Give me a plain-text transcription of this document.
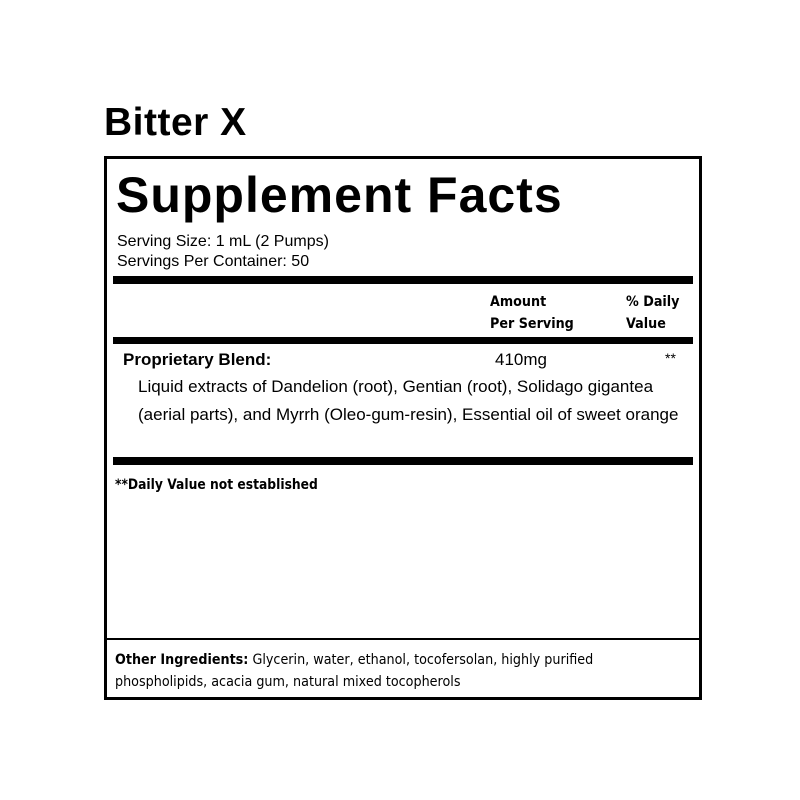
Bitter X
Supplement Facts
Serving Size: 1 mL (2 Pumps)
Servings Per Container: 50
Amount
Per Serving
% Daily
Value
Proprietary Blend:	410mg	**
Liquid extracts of Dandelion (root), Gentian (root), Solidago gigantea (aerial parts), and Myrrh (Oleo-gum-resin), Essential oil of sweet orange
**Daily Value not established
Other Ingredients: Glycerin, water, ethanol, tocofersolan, highly purified phospholipids, acacia gum, natural mixed tocopherols
